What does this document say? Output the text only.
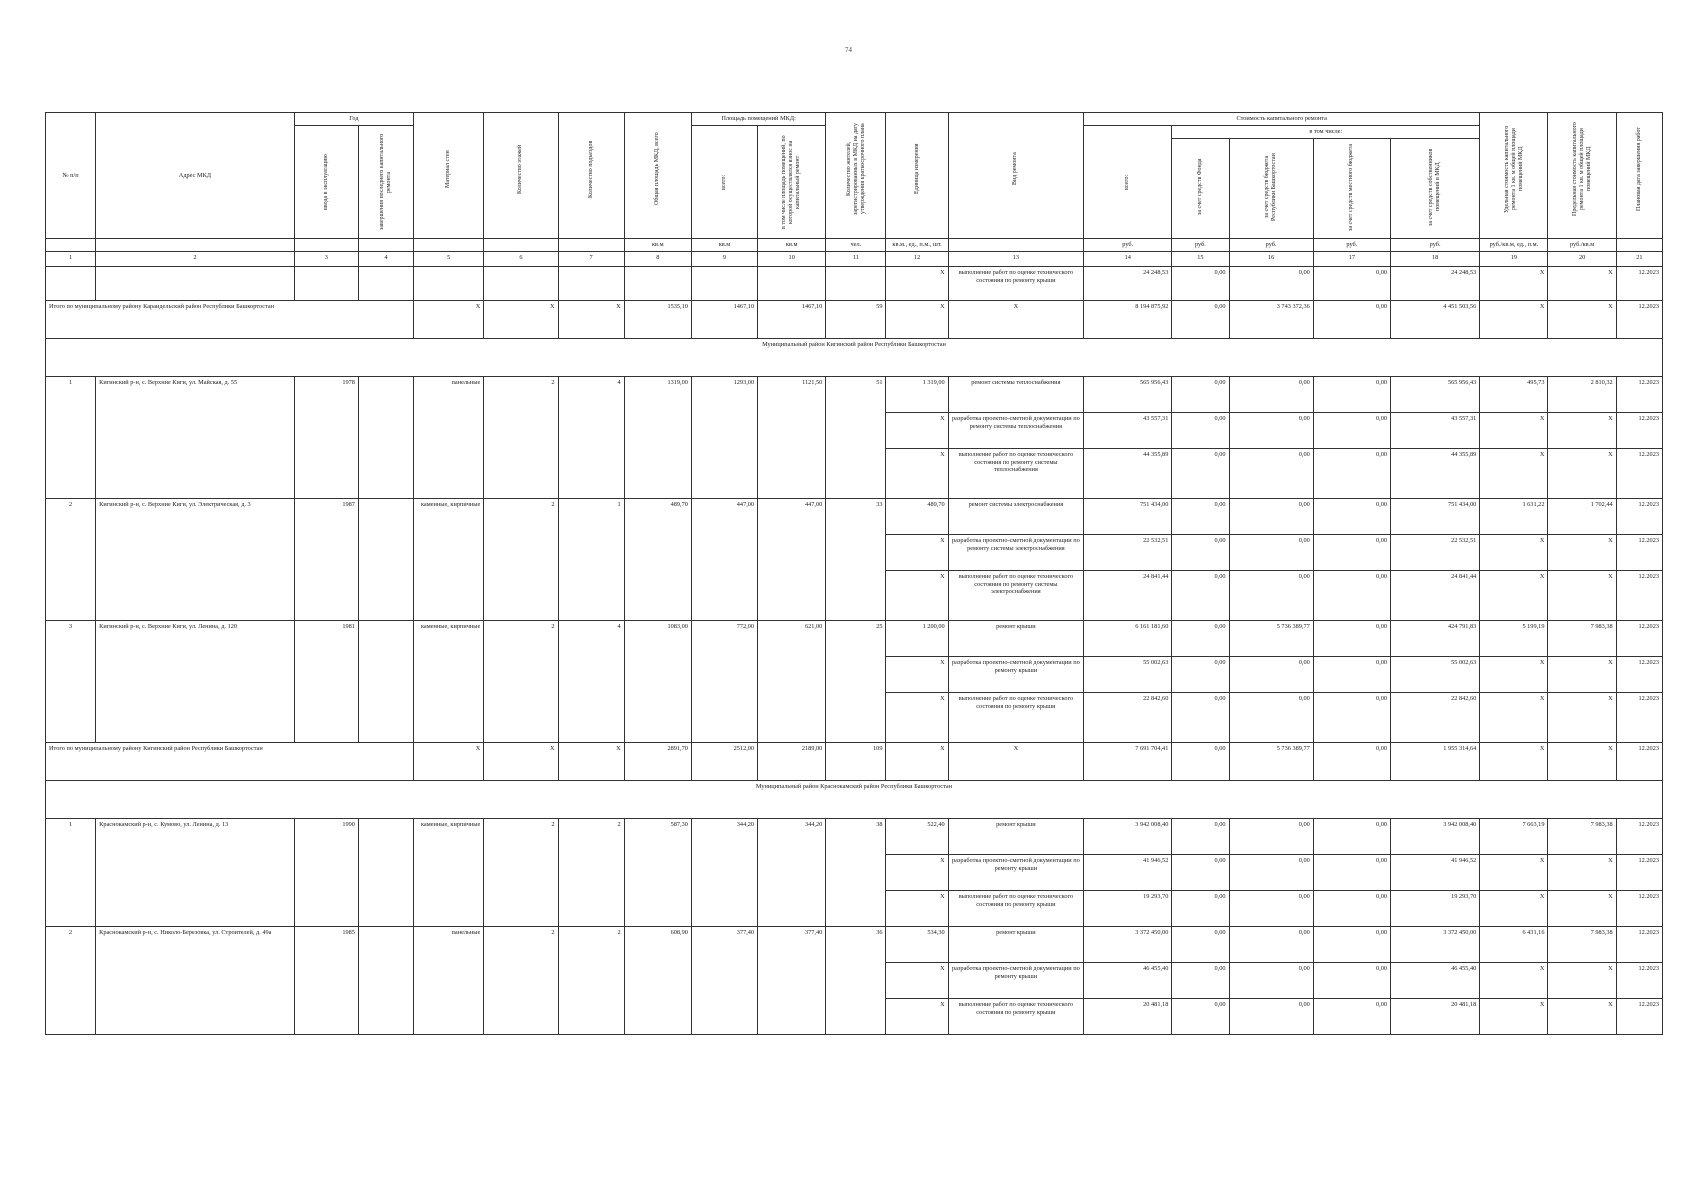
74
№ п/п	Адрес МКД	Год		Материал стен	Количество этажей	Количество подъездов	Общая площадь МКД, всего	Площадь помещений МКД:		Количество жителей, зарегистрированных в МКД на дату утверждения краткосрочного плана	Единица измерения	Вид ремонта	Стоимость капитального ремонта					Удельная стоимость капитального ремонта 1 кв. м общей площади помещений МКД	Предельная стоимость капитального ремонта 1 кв. м общей площади помещений МКД	Плановая дата завершения работ

		ввода в эксплуатацию	завершения последнего капитального ремонта					всего:	в том числе площадь помещений, по которой осуществлялся взнос на капитальный ремонт				всего:	в том числе:						

														за счет средств Фонда	за счет средств бюджета Республики Башкортостан	за счет средств местного бюджета	за счет средств собственников помещений в МКД			

							кв.м	кв.м	кв.м	чел.	кв.м., ед., п.м., шт.		руб.	руб.	руб.	руб.	руб.	руб./кв.м, ед., п.м.	руб./кв.м	
1	2	3	4	5	6	7	8	9	10	11	12	13	14	15	16	17	18	19	20	21
											X	выполнение работ по оценке технического состояния по ремонту крыши	24 248,53	0,00	0,00	0,00	24 248,53	X	X	12.2023
Итого по муниципальному району Караидельский район Республики Башкортостан				X	X	X	1535,10	1467,10	1467,10	59	X	X	8 194 875,92	0,00	3 743 372,36	0,00	4 451 503,56	X	X	12.2023
Муниципальный район Кигинский район Республики Башкортостан																				
1	Кигинский р-н, с. Верхние Киги, ул. Майская, д. 55	1978		панельные	2	4	1319,00	1293,00	1121,50	51	1 319,00	ремонт системы теплоснабжения	565 956,43	0,00	0,00	0,00	565 956,43	495,73	2 810,32	12.2023
											X	разработка проектно-сметной документации по ремонту системы теплоснабжения	43 557,31	0,00	0,00	0,00	43 557,31	X	X	12.2023
											X	выполнение работ по оценке технического состояния по ремонту системы теплоснабжения	44 355,89	0,00	0,00	0,00	44 355,89	X	X	12.2023
2	Кигинский р-н, с. Верхние Киги, ул. Электрическая, д. 3	1987		каменные, кирпичные	2	1	489,70	447,00	447,00	33	489,70	ремонт системы электроснабжения	751 434,00	0,00	0,00	0,00	751 434,00	1 631,22	1 702,44	12.2023
											X	разработка проектно-сметной документации по ремонту системы электроснабжения	22 532,51	0,00	0,00	0,00	22 532,51	X	X	12.2023
											X	выполнение работ по оценке технического состояния по ремонту системы электроснабжения	24 841,44	0,00	0,00	0,00	24 841,44	X	X	12.2023
3	Кигинский р-н, с. Верхние Киги, ул. Ленина, д. 120	1981		каменные, кирпичные	2	4	1083,00	772,00	621,00	25	1 200,00	ремонт крыши	6 161 181,60	0,00	5 736 389,77	0,00	424 791,83	5 199,19	7 983,38	12.2023
											X	разработка проектно-сметной документации по ремонту крыши	55 002,63	0,00	0,00	0,00	55 002,63	X	X	12.2023
											X	выполнение работ по оценке технического состояния по ремонту крыши	22 842,60	0,00	0,00	0,00	22 842,60	X	X	12.2023
Итого по муниципальному району Кигинский район Республики Башкортостан				X	X	X	2891,70	2512,00	2189,00	109	X	X	7 691 704,41	0,00	5 736 389,77	0,00	1 955 314,64	X	X	12.2023
Муниципальный район Краснокамский район Республики Башкортостан																				
1	Краснокамский р-н, с. Кумово, ул. Ленина, д. 13	1990		каменные, кирпичные	2	2	587,30	344,20	344,20	38	522,40	ремонт крыши	3 942 008,40	0,00	0,00	0,00	3 942 008,40	7 663,19	7 983,38	12.2023
											X	разработка проектно-сметной документации по ремонту крыши	41 946,52	0,00	0,00	0,00	41 946,52	X	X	12.2023
											X	выполнение работ по оценке технического состояния по ремонту крыши	19 293,70	0,00	0,00	0,00	19 293,70	X	X	12.2023
2	Краснокамский р-н, с. Николо-Березовка, ул. Строителей, д. 49а	1985		панельные	2	2	608,90	377,40	377,40	36	534,30	ремонт крыши	3 372 450,00	0,00	0,00	0,00	3 372 450,00	6 431,16	7 983,38	12.2023
											X	разработка проектно-сметной документации по ремонту крыши	46 455,40	0,00	0,00	0,00	46 455,40	X	X	12.2023
											X	выполнение работ по оценке технического состояния по ремонту крыши	20 481,18	0,00	0,00	0,00	20 481,18	X	X	12.2023
